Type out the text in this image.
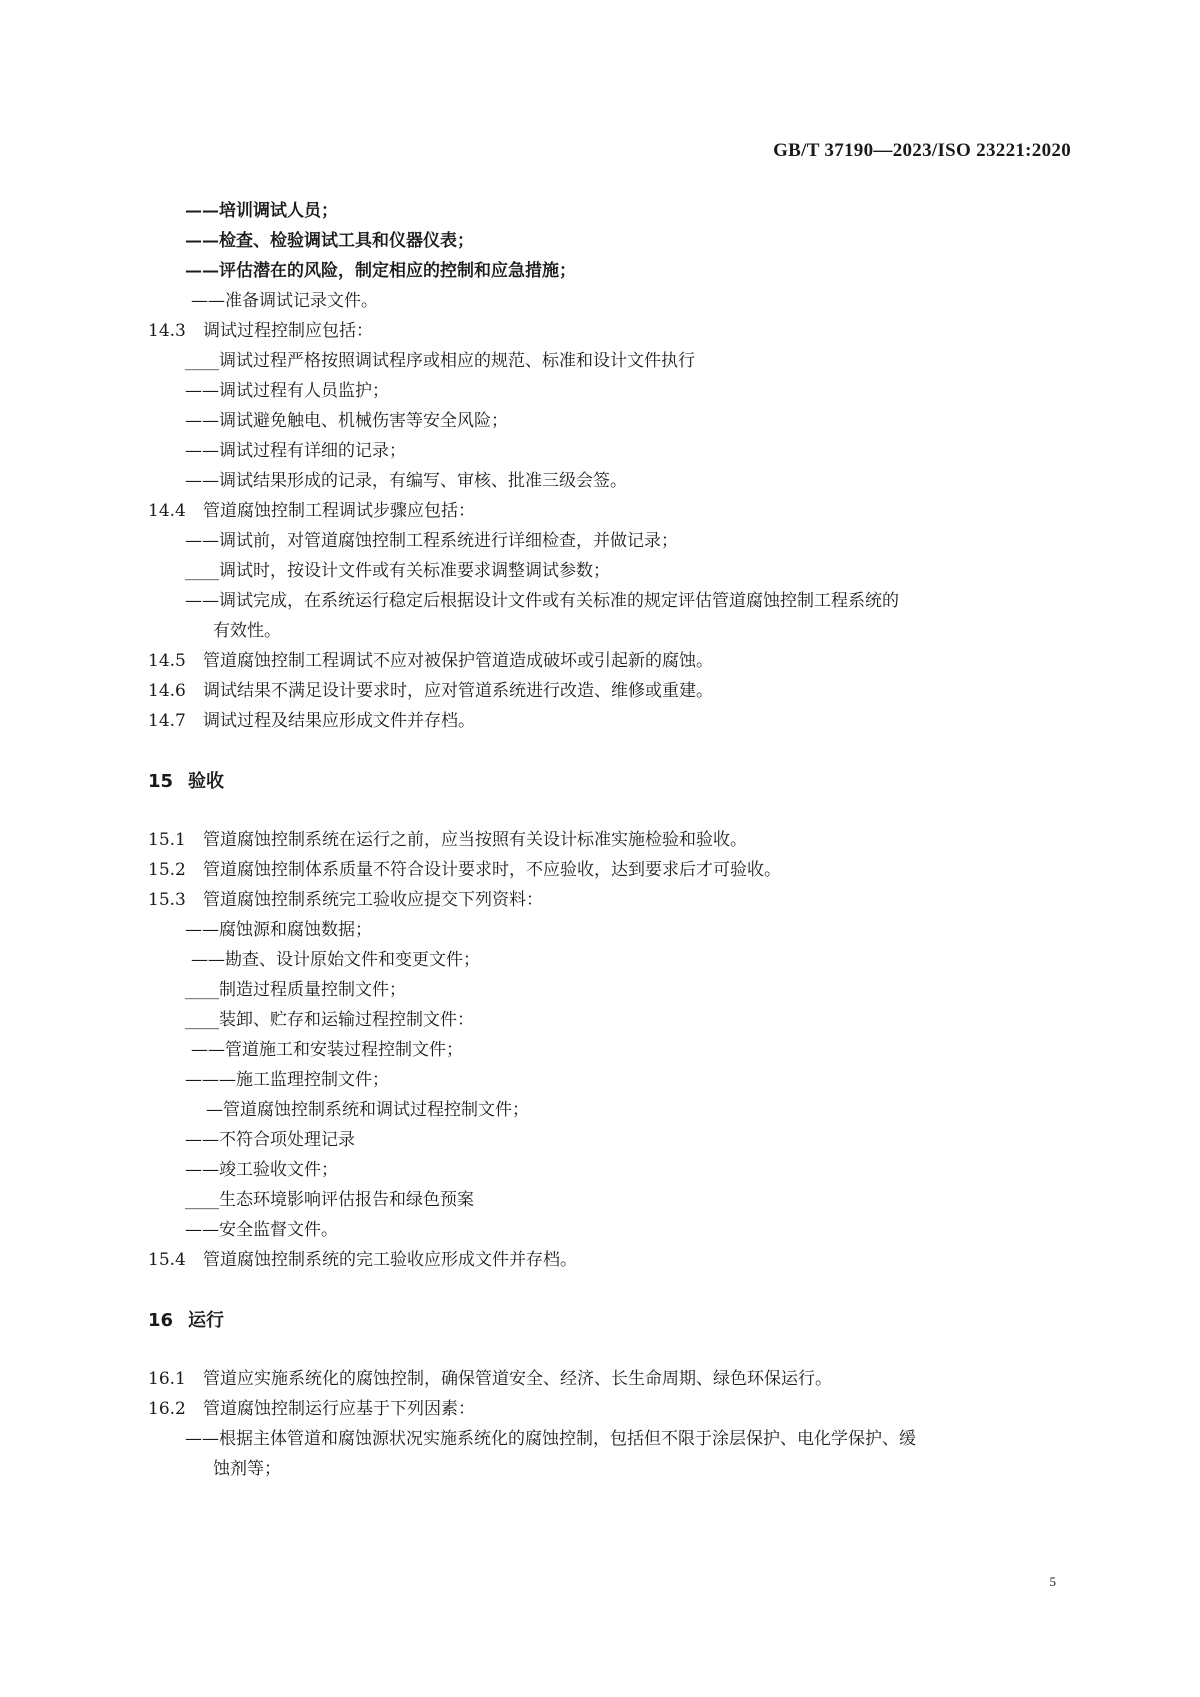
GB/T 37190—2023/ISO 23221:2020
——培训调试人员；
——检查、检验调试工具和仪器仪表；
——评估潜在的风险，制定相应的控制和应急措施；
——准备调试记录文件。
14.3 调试过程控制应包括：
____调试过程严格按照调试程序或相应的规范、标准和设计文件执行
——调试过程有人员监护；
——调试避免触电、机械伤害等安全风险；
——调试过程有详细的记录；
——调试结果形成的记录，有编写、审核、批准三级会签。
14.4 管道腐蚀控制工程调试步骤应包括：
——调试前，对管道腐蚀控制工程系统进行详细检查，并做记录；
____调试时，按设计文件或有关标准要求调整调试参数；
——调试完成，在系统运行稳定后根据设计文件或有关标准的规定评估管道腐蚀控制工程系统的
有效性。
14.5 管道腐蚀控制工程调试不应对被保护管道造成破坏或引起新的腐蚀。
14.6 调试结果不满足设计要求时，应对管道系统进行改造、维修或重建。
14.7 调试过程及结果应形成文件并存档。
15 验收
15.1 管道腐蚀控制系统在运行之前，应当按照有关设计标准实施检验和验收。
15.2 管道腐蚀控制体系质量不符合设计要求时，不应验收，达到要求后才可验收。
15.3 管道腐蚀控制系统完工验收应提交下列资料：
——腐蚀源和腐蚀数据；
——勘查、设计原始文件和变更文件；
____制造过程质量控制文件；
____装卸、贮存和运输过程控制文件：
——管道施工和安装过程控制文件；
———施工监理控制文件；
—管道腐蚀控制系统和调试过程控制文件；
——不符合项处理记录
——竣工验收文件；
____生态环境影响评估报告和绿色预案
——安全监督文件。
15.4 管道腐蚀控制系统的完工验收应形成文件并存档。
16 运行
16.1 管道应实施系统化的腐蚀控制，确保管道安全、经济、长生命周期、绿色环保运行。
16.2 管道腐蚀控制运行应基于下列因素：
——根据主体管道和腐蚀源状况实施系统化的腐蚀控制，包括但不限于涂层保护、电化学保护、缓
蚀剂等；
5
